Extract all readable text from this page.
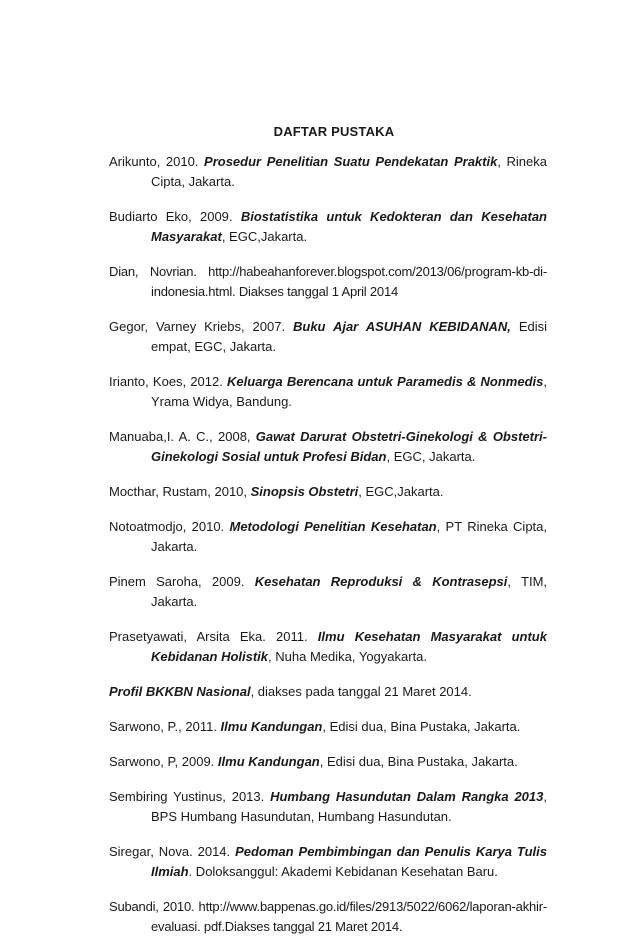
DAFTAR PUSTAKA
Arikunto, 2010. Prosedur Penelitian Suatu Pendekatan Praktik, Rineka Cipta, Jakarta.
Budiarto Eko, 2009. Biostatistika untuk Kedokteran dan Kesehatan Masyarakat, EGC,Jakarta.
Dian, Novrian. http://habeahanforever.blogspot.com/2013/06/program-kb-di-indonesia.html. Diakses tanggal 1 April 2014
Gegor, Varney Kriebs, 2007. Buku Ajar ASUHAN KEBIDANAN, Edisi empat, EGC, Jakarta.
Irianto, Koes, 2012. Keluarga Berencana untuk Paramedis & Nonmedis, Yrama Widya, Bandung.
Manuaba,I. A. C., 2008, Gawat Darurat Obstetri-Ginekologi & Obstetri-Ginekologi Sosial untuk Profesi Bidan, EGC, Jakarta.
Mocthar, Rustam, 2010, Sinopsis Obstetri, EGC,Jakarta.
Notoatmodjo, 2010. Metodologi Penelitian Kesehatan, PT Rineka Cipta, Jakarta.
Pinem Saroha, 2009. Kesehatan Reproduksi & Kontrasepsi, TIM, Jakarta.
Prasetyawati, Arsita Eka. 2011. Ilmu Kesehatan Masyarakat untuk Kebidanan Holistik, Nuha Medika, Yogyakarta.
Profil BKKBN Nasional, diakses pada tanggal 21 Maret 2014.
Sarwono, P., 2011. Ilmu Kandungan, Edisi dua, Bina Pustaka, Jakarta.
Sarwono, P, 2009. Ilmu Kandungan, Edisi dua, Bina Pustaka, Jakarta.
Sembiring Yustinus, 2013. Humbang Hasundutan Dalam Rangka 2013, BPS Humbang Hasundutan, Humbang Hasundutan.
Siregar, Nova. 2014. Pedoman Pembimbingan dan Penulis Karya Tulis Ilmiah. Doloksanggul: Akademi Kebidanan Kesehatan Baru.
Subandi, 2010. http://www.bappenas.go.id/files/2913/5022/6062/laporan-akhir-evaluasi. pdf.Diakses tanggal 21 Maret 2014.
